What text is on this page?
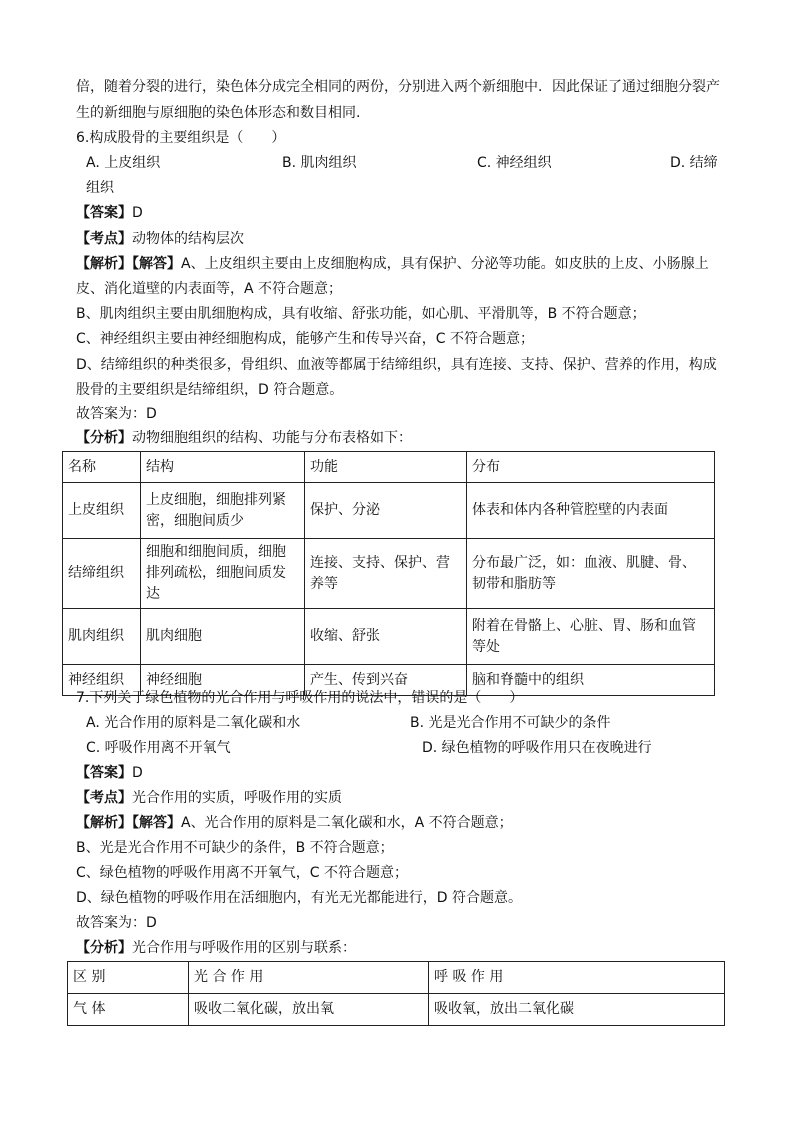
倍，随着分裂的进行，染色体分成完全相同的两份，分别进入两个新细胞中．因此保证了通过细胞分裂产
生的新细胞与原细胞的染色体形态和数目相同.
6.构成股骨的主要组织是（　　）
A. 上皮组织	B. 肌肉组织	C. 神经组织	D. 结缔
组织
【答案】D
【考点】动物体的结构层次
【解析】【解答】A、上皮组织主要由上皮细胞构成，具有保护、分泌等功能。如皮肤的上皮、小肠腺上
皮、消化道壁的内表面等，A 不符合题意；
B、肌肉组织主要由肌细胞构成，具有收缩、舒张功能，如心肌、平滑肌等，B 不符合题意；
C、神经组织主要由神经细胞构成，能够产生和传导兴奋，C 不符合题意；
D、结缔组织的种类很多，骨组织、血液等都属于结缔组织，具有连接、支持、保护、营养的作用，构成
股骨的主要组织是结缔组织，D 符合题意。
故答案为：D
【分析】动物细胞组织的结构、功能与分布表格如下：
名称	结构	功能	分布
上皮组织	上皮细胞，细胞排列紧密，细胞间质少	保护、分泌	体表和体内各种管腔壁的内表面
结缔组织	细胞和细胞间质，细胞排列疏松，细胞间质发达	连接、支持、保护、营养等	分布最广泛，如：血液、肌腱、骨、韧带和脂肪等
肌肉组织	肌肉细胞	收缩、舒张	附着在骨骼上、心脏、胃、肠和血管等处
神经组织	神经细胞	产生、传到兴奋	脑和脊髓中的组织
7.下列关于绿色植物的光合作用与呼吸作用的说法中，错误的是（　　）
A. 光合作用的原料是二氧化碳和水	B. 光是光合作用不可缺少的条件
C. 呼吸作用离不开氧气	D. 绿色植物的呼吸作用只在夜晚进行
【答案】D
【考点】光合作用的实质，呼吸作用的实质
【解析】【解答】A、光合作用的原料是二氧化碳和水，A 不符合题意；
B、光是光合作用不可缺少的条件，B 不符合题意；
C、绿色植物的呼吸作用离不开氧气，C 不符合题意；
D、绿色植物的呼吸作用在活细胞内，有光无光都能进行，D 符合题意。
故答案为：D
【分析】光合作用与呼吸作用的区别与联系：
区 别	光 合 作 用	呼 吸 作 用
气 体	吸收二氧化碳，放出氧	吸收氧，放出二氧化碳
